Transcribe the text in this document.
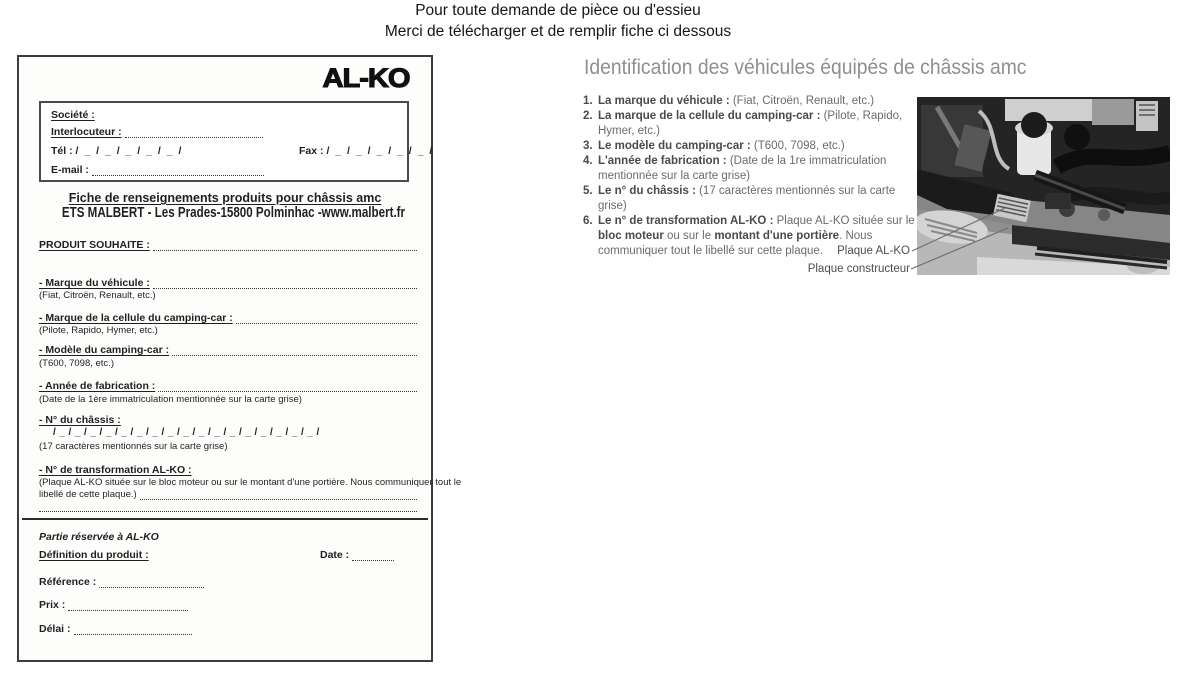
Pour toute demande de pièce ou d'essieu
Merci de télécharger et de remplir fiche ci dessous
AL-KO
Société :
Interlocuteur :
Tél : / _ / _ / _ / _ / _ /	Fax : / _ / _ / _ / _ / _ /
E-mail :
Fiche de renseignements produits pour châssis amc
ETS MALBERT - Les Prades-15800 Polminhac -www.malbert.fr
PRODUIT SOUHAITE :
- Marque du véhicule :
(Fiat, Citroën, Renault, etc.)
- Marque de la cellule du camping-car :
(Pilote, Rapido, Hymer, etc.)
- Modèle du camping-car :
(T600, 7098, etc.)
- Année de fabrication :
(Date de la 1ère immatriculation mentionnée sur la carte grise)
- N° du châssis :
/ _ / _ / _ / _ / _ / _ / _ / _ / _ / _ / _ / _ / _ / _ / _ / _ / _ /
(17 caractères mentionnés sur la carte grise)
- N° de transformation AL-KO :
(Plaque AL-KO située sur le bloc moteur ou sur le montant d'une portière. Nous communiquer tout le
libellé de cette plaque.)
Partie réservée à AL-KO
Définition du produit :	Date :
Référence :
Prix :
Délai :
Identification des véhicules équipés de châssis amc
1. La marque du véhicule : (Fiat, Citroën, Renault, etc.)
2. La marque de la cellule du camping-car : (Pilote, Rapido, Hymer, etc.)
3. Le modèle du camping-car : (T600, 7098, etc.)
4. L'année de fabrication : (Date de la 1re immatriculation mentionnée sur la carte grise)
5. Le n° du châssis : (17 caractères mentionnés sur la carte grise)
6. Le n° de transformation AL-KO : Plaque AL-KO située sur le bloc moteur ou sur le montant d'une portière. Nous communiquer tout le libellé sur cette plaque.	Plaque AL-KO
Plaque constructeur
